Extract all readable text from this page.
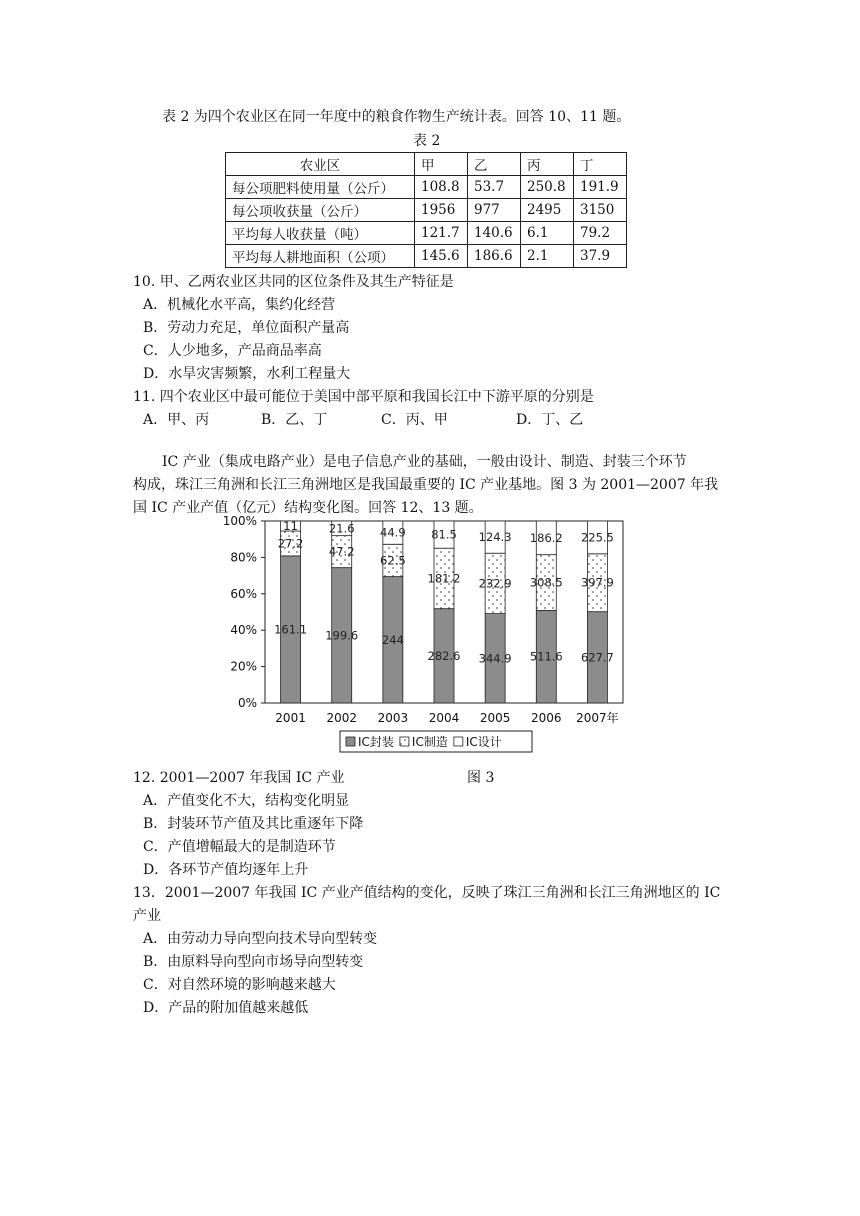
表 2 为四个农业区在同一年度中的粮食作物生产统计表。回答 10、11 题。
表 2
农业区	甲	乙	丙	丁
每公项肥料使用量（公斤）	108.8	53.7	250.8	191.9
每公项收获量（公斤）	1956	977	2495	3150
平均每人收获量（吨）	121.7	140.6	6.1	79.2
平均每人耕地面积（公项）	145.6	186.6	2.1	37.9
10. 甲、乙两农业区共同的区位条件及其生产特征是
A．机械化水平高，集约化经营
B．劳动力充足，单位面积产量高
C．人少地多，产品商品率高
D．水旱灾害频繁，水利工程量大
11. 四个农业区中最可能位于美国中部平原和我国长江中下游平原的分别是
A．甲、丙	B．乙、丁	C．丙、甲	D．丁、乙
IC 产业（集成电路产业）是电子信息产业的基础，一般由设计、制造、封装三个环节
构成，珠江三角洲和长江三角洲地区是我国最重要的 IC 产业基地。图 3 为 2001—2007 年我
国 IC 产业产值（亿元）结构变化图。回答 12、13 题。
0%
20%
40%
60%
80%
100%
161.1
27.2
11
199.6
47.2
21.6
244
62.5
44.9
282.6
181.2
81.5
344.9
232.9
124.3
511.6
308.5
186.2
627.7
397.9
225.5
2001 2002 2003 2004 2005 2006 2007年
IC封装 IC制造 IC设计
12. 2001—2007 年我国 IC 产业	图 3
A．产值变化不大，结构变化明显
B．封装环节产值及其比重逐年下降
C．产值增幅最大的是制造环节
D．各环节产值均逐年上升
13．2001—2007 年我国 IC 产业产值结构的变化，反映了珠江三角洲和长江三角洲地区的 IC
产业
A．由劳动力导向型向技术导向型转变
B．由原料导向型向市场导向型转变
C．对自然环境的影响越来越大
D．产品的附加值越来越低
